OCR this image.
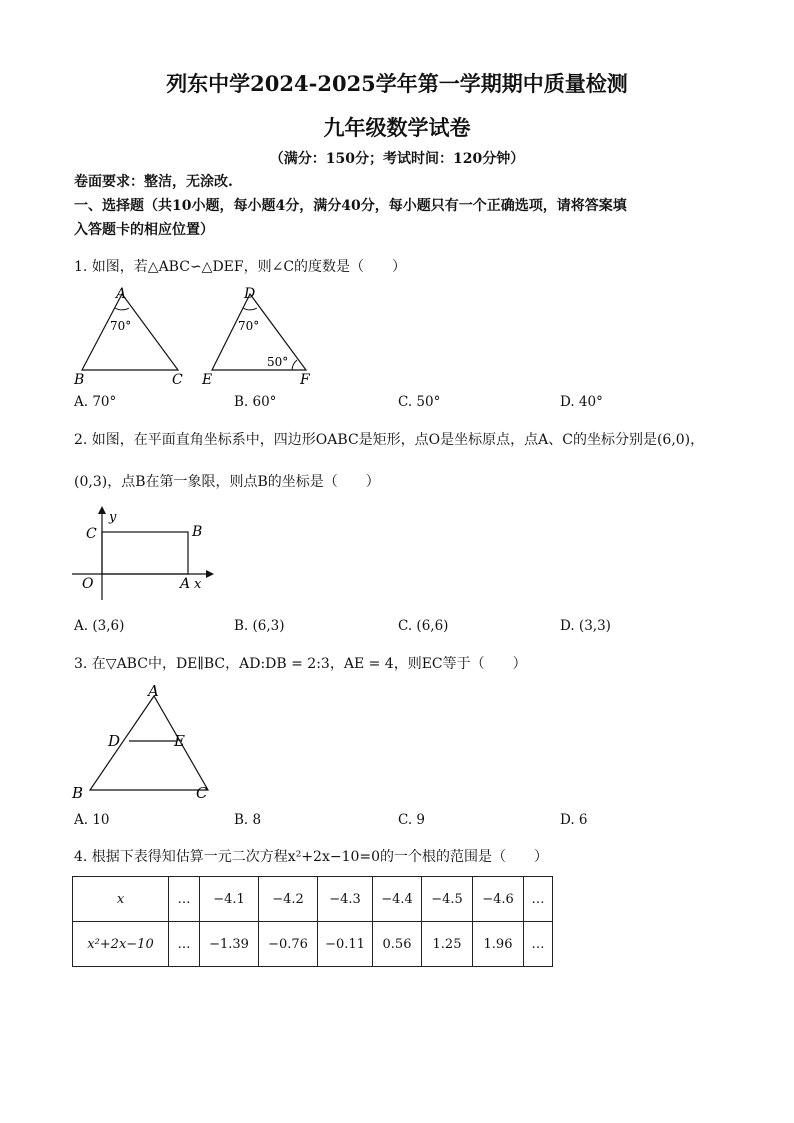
列东中学2024-2025学年第一学期期中质量检测
九年级数学试卷
（满分：150分；考试时间：120分钟）
卷面要求：整洁，无涂改.
一、选择题（共10小题，每小题4分，满分40分，每小题只有一个正确选项，请将答案填
入答题卡的相应位置）
1. 如图，若△ABC∽△DEF，则∠C的度数是（　　）
A
B	C
70°
D
E	F
70°
50°
A. 70°	B. 60°	C. 50°	D. 40°
2. 如图，在平面直角坐标系中，四边形OABC是矩形，点O是坐标原点，点A、C的坐标分别是(6,0)，
(0,3)，点B在第一象限，则点B的坐标是（　　）
C	B
O	A
y
x
A. (3,6)	B. (6,3)	C. (6,6)	D. (3,3)
3. 在▽ABC中，DE∥BC，AD:DB = 2:3，AE = 4，则EC等于（　　）
A
D	E
B	C
A. 10	B. 8	C. 9	D. 6
4. 根据下表得知估算一元二次方程x²+2x−10=0的一个根的范围是（　　）
x	…	−4.1	−4.2	−4.3	−4.4	−4.5	−4.6	…
x²+2x−10	…	−1.39	−0.76	−0.11	0.56	1.25	1.96	…
